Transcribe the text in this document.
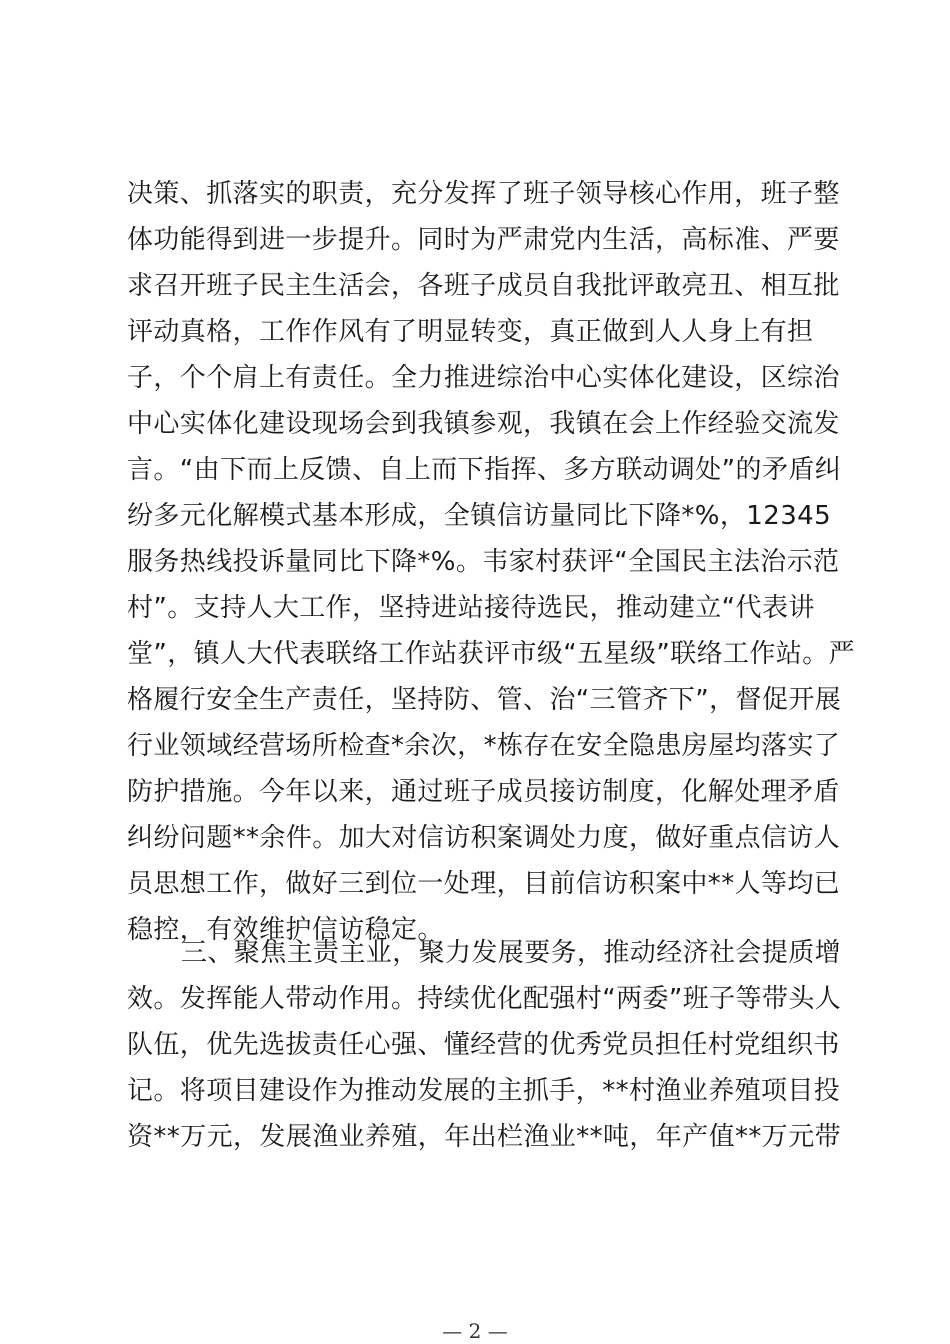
决策、抓落实的职责，充分发挥了班子领导核心作用，班子整
体功能得到进一步提升。同时为严肃党内生活，高标准、严要
求召开班子民主生活会，各班子成员自我批评敢亮丑、相互批
评动真格，工作作风有了明显转变，真正做到人人身上有担
子，个个肩上有责任。全力推进综治中心实体化建设，区综治
中心实体化建设现场会到我镇参观，我镇在会上作经验交流发
言。“由下而上反馈、自上而下指挥、多方联动调处”的矛盾纠
纷多元化解模式基本形成，全镇信访量同比下降*%，12345
服务热线投诉量同比下降*%。韦家村获评“全国民主法治示范
村”。支持人大工作，坚持进站接待选民，推动建立“代表讲
堂”，镇人大代表联络工作站获评市级“五星级”联络工作站。严
格履行安全生产责任，坚持防、管、治“三管齐下”，督促开展
行业领域经营场所检查*余次，*栋存在安全隐患房屋均落实了
防护措施。今年以来，通过班子成员接访制度，化解处理矛盾
纠纷问题**余件。加大对信访积案调处力度，做好重点信访人
员思想工作，做好三到位一处理，目前信访积案中**人等均已
稳控，有效维护信访稳定。
三、聚焦主责主业，聚力发展要务，推动经济社会提质增
效。发挥能人带动作用。持续优化配强村“两委”班子等带头人
队伍，优先选拔责任心强、懂经营的优秀党员担任村党组织书
记。将项目建设作为推动发展的主抓手，**村渔业养殖项目投
资**万元，发展渔业养殖，年出栏渔业**吨，年产值**万元带
— 2 —
